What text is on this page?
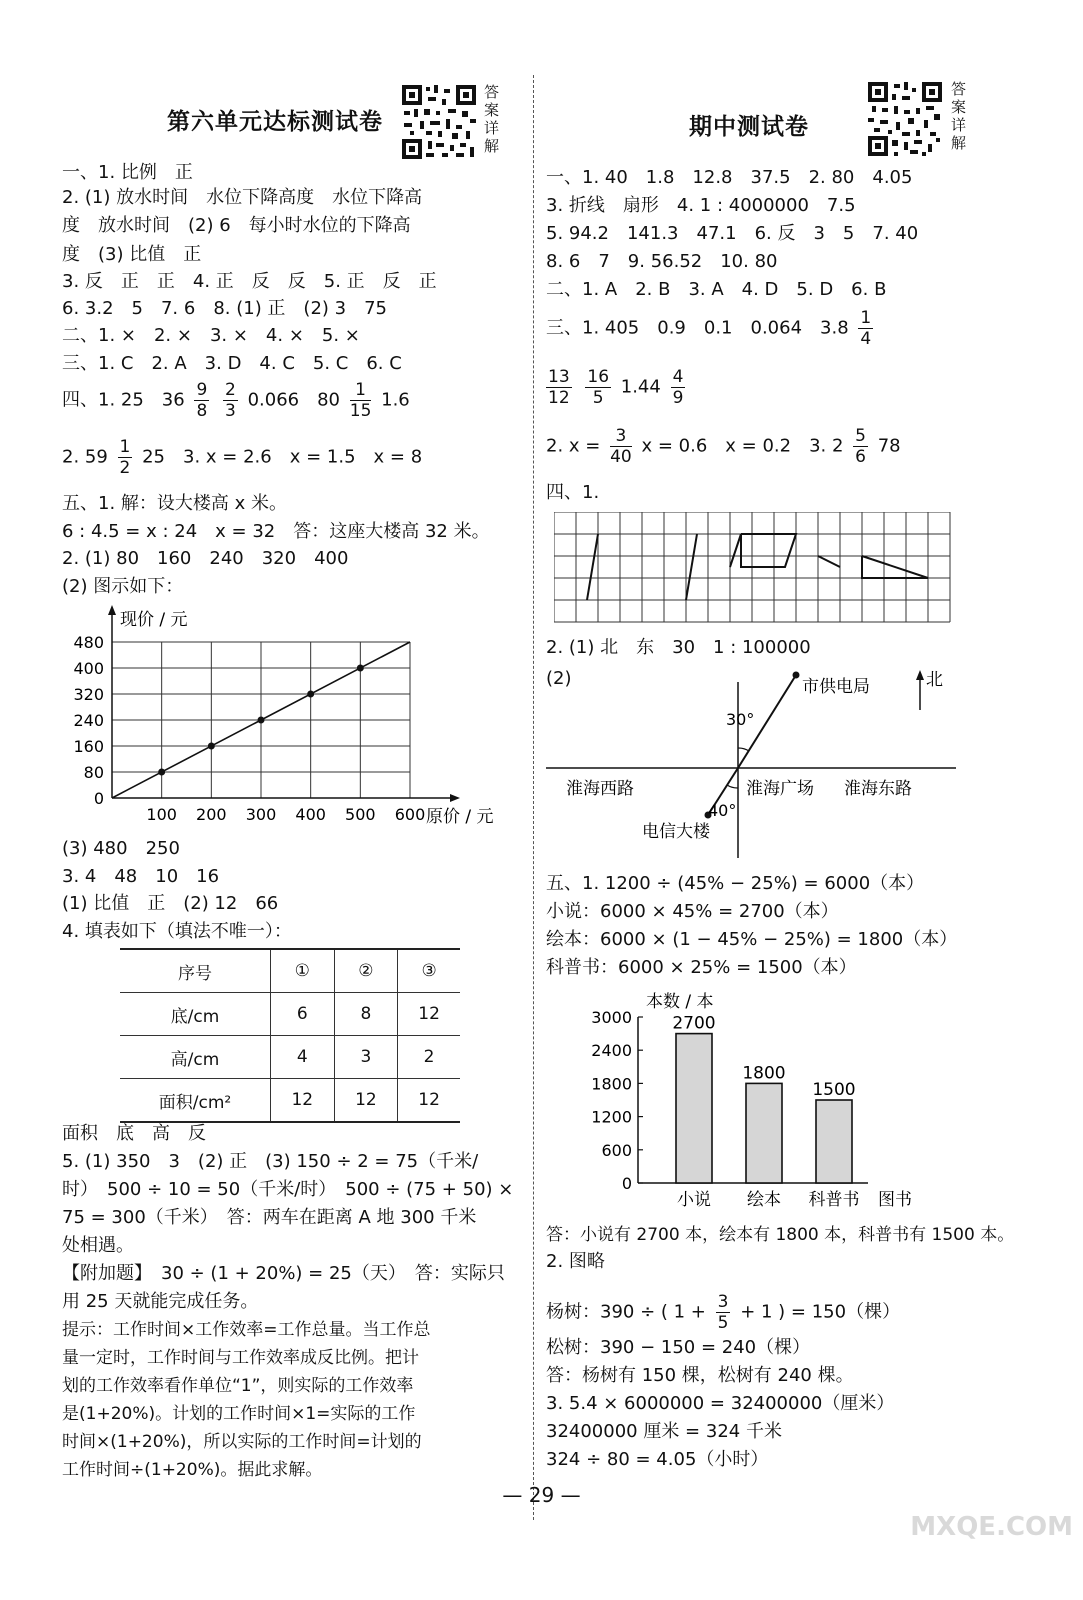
第六单元达标测试卷
答案详解
一、1. 比例　正
2. (1) 放水时间　水位下降高度　水位下降高
度　放水时间　(2) 6　每小时水位的下降高
度　(3) 比值　正
3. 反　正　正　4. 正　反　反　5. 正　反　正
6. 3.2　5　7. 6　8. (1) 正　(2) 3　75
二、1. ×　2. ×　3. ×　4. ×　5. ×
三、1. C　2. A　3. D　4. C　5. C　6. C
四、1. 25　$36 \frac{9}{8}$
$\frac{2}{3} 0.066$　$80 \frac{1}{15} 1.6$
2. $59 \frac{1}{2} 25$　3. x = 2.6　x = 1.5　x = 8
五、1. 解：设大楼高 x 米。
6 : 4.5 = x : 24　x = 32　答：这座大楼高 32 米。
2. (1) 80　160　240　320　400
(2) 图示如下：
0
80
160
240
320
400
480
100 200 300 400 500 600
现价 / 元
原价 / 元
(3) 480　250
3. 4　48　10　16
(1) 比值　正　(2) 12　66
4. 填表如下（填法不唯一）：
序号	①	②	③
底/cm	6	8	12
高/cm	4	3	2
面积/cm²	12	12	12
面积　底　高　反
5. (1) 350　3　(2) 正　(3) 150 ÷ 2 = 75（千米/
时）　500 ÷ 10 = 50（千米/时）　500 ÷ (75 + 50) ×
75 = 300（千米）　答：两车在距离 A 地 300 千米
处相遇。
【附加题】　30 ÷ (1 + 20%) = 25（天）　答：实际只
用 25 天就能完成任务。
提示：工作时间×工作效率=工作总量。当工作总
量一定时，工作时间与工作效率成反比例。把计
划的工作效率看作单位“1”，则实际的工作效率
是(1+20%)。计划的工作时间×1=实际的工作
时间×(1+20%)，所以实际的工作时间=计划的
工作时间÷(1+20%)。据此求解。
期中测试卷
答案详解
一、1. 40　1.8　12.8　37.5　2. 80　4.05
3. 折线　扇形　4. 1 : 4000000　7.5
5. 94.2　141.3　47.1　6. 反　3　5　7. 40
8. 6　7　9. 56.52　10. 80
二、1. A　2. B　3. A　4. D　5. D　6. B
三、1. 405　0.9　0.1　0.064　$3.8 \frac{1}{4}$
$\frac{13}{12}$
$\frac{16}{5} 1.44 \frac{4}{9}$
2. $x = \frac{3}{40}$ x = 0.6　x = 0.2　3. $2 \frac{5}{6} 78$
四、1.
2. (1) 北　东　30　1 : 100000
(2)	北
30°
40°
市供电局
淮海西路	淮海广场 淮海东路
电信大楼
五、1. 1200 ÷ (45% − 25%) = 6000（本）
小说：6000 × 45% = 2700（本）
绘本：6000 × (1 − 45% − 25%) = 1800（本）
科普书：6000 × 25% = 1500（本）
0
600
1200
1800
2400
3000
本数 / 本
2700
小说
1800
绘本
1500
科普书 图书
答：小说有 2700 本，绘本有 1800 本，科普书有 1500 本。
2. 图略
杨树：390 ÷ ( $1 + \frac{3}{5} + 1$ ) = 150（棵）
松树：390 − 150 = 240（棵）
答：杨树有 150 棵，松树有 240 棵。
3. 5.4 × 6000000 = 32400000（厘米）
32400000 厘米 = 324 千米
324 ÷ 80 = 4.05（小时）
— 29 —
MXQE.COM
